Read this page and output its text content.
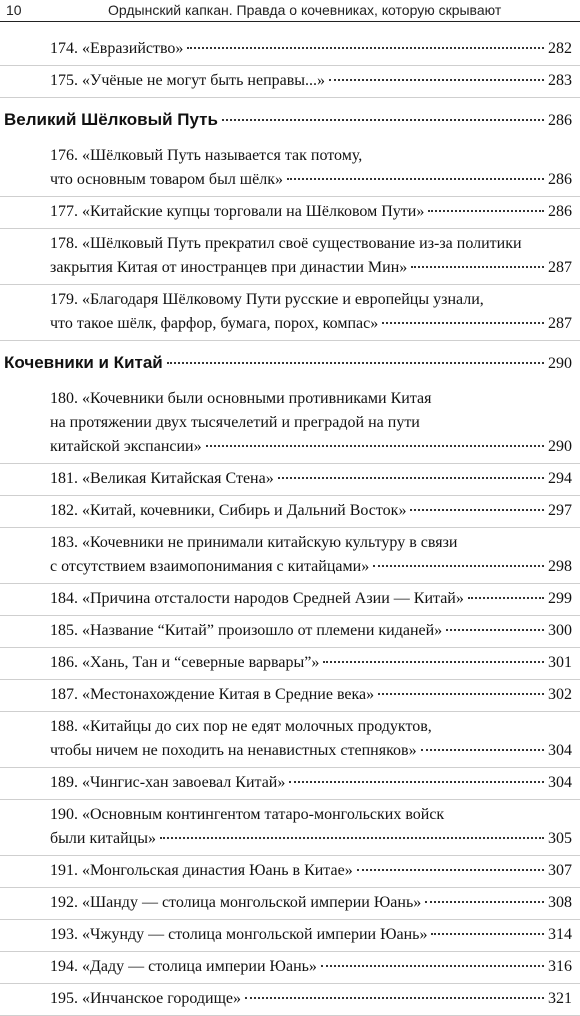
10	Ордынский капкан. Правда о кочевниках, которую скрывают
174. «Евразийство»	282
175. «Учёные не могут быть неправы...»	283
Великий Шёлковый Путь	286
176. «Шёлковый Путь называется так потому,
что основным товаром был шёлк»	286
177. «Китайские купцы торговали на Шёлковом Пути»	286
178. «Шёлковый Путь прекратил своё существование из-за политики
закрытия Китая от иностранцев при династии Мин»	287
179. «Благодаря Шёлковому Пути русские и европейцы узнали,
что такое шёлк, фарфор, бумага, порох, компас»	287
Кочевники и Китай	290
180. «Кочевники были основными противниками Китая
на протяжении двух тысячелетий и преградой на пути
китайской экспансии»	290
181. «Великая Китайская Стена»	294
182. «Китай, кочевники, Сибирь и Дальний Восток»	297
183. «Кочевники не принимали китайскую культуру в связи
с отсутствием взаимопонимания с китайцами»	298
184. «Причина отсталости народов Средней Азии — Китай»	299
185. «Название “Китай” произошло от племени киданей»	300
186. «Хань, Тан и “северные варвары”»	301
187. «Местонахождение Китая в Средние века»	302
188. «Китайцы до сих пор не едят молочных продуктов,
чтобы ничем не походить на ненавистных степняков»	304
189. «Чингис-хан завоевал Китай»	304
190. «Основным контингентом татаро-монгольских войск
были китайцы»	305
191. «Монгольская династия Юань в Китае»	307
192. «Шанду — столица монгольской империи Юань»	308
193. «Чжунду — столица монгольской империи Юань»	314
194. «Даду — столица империи Юань»	316
195. «Инчанское городище»	321
